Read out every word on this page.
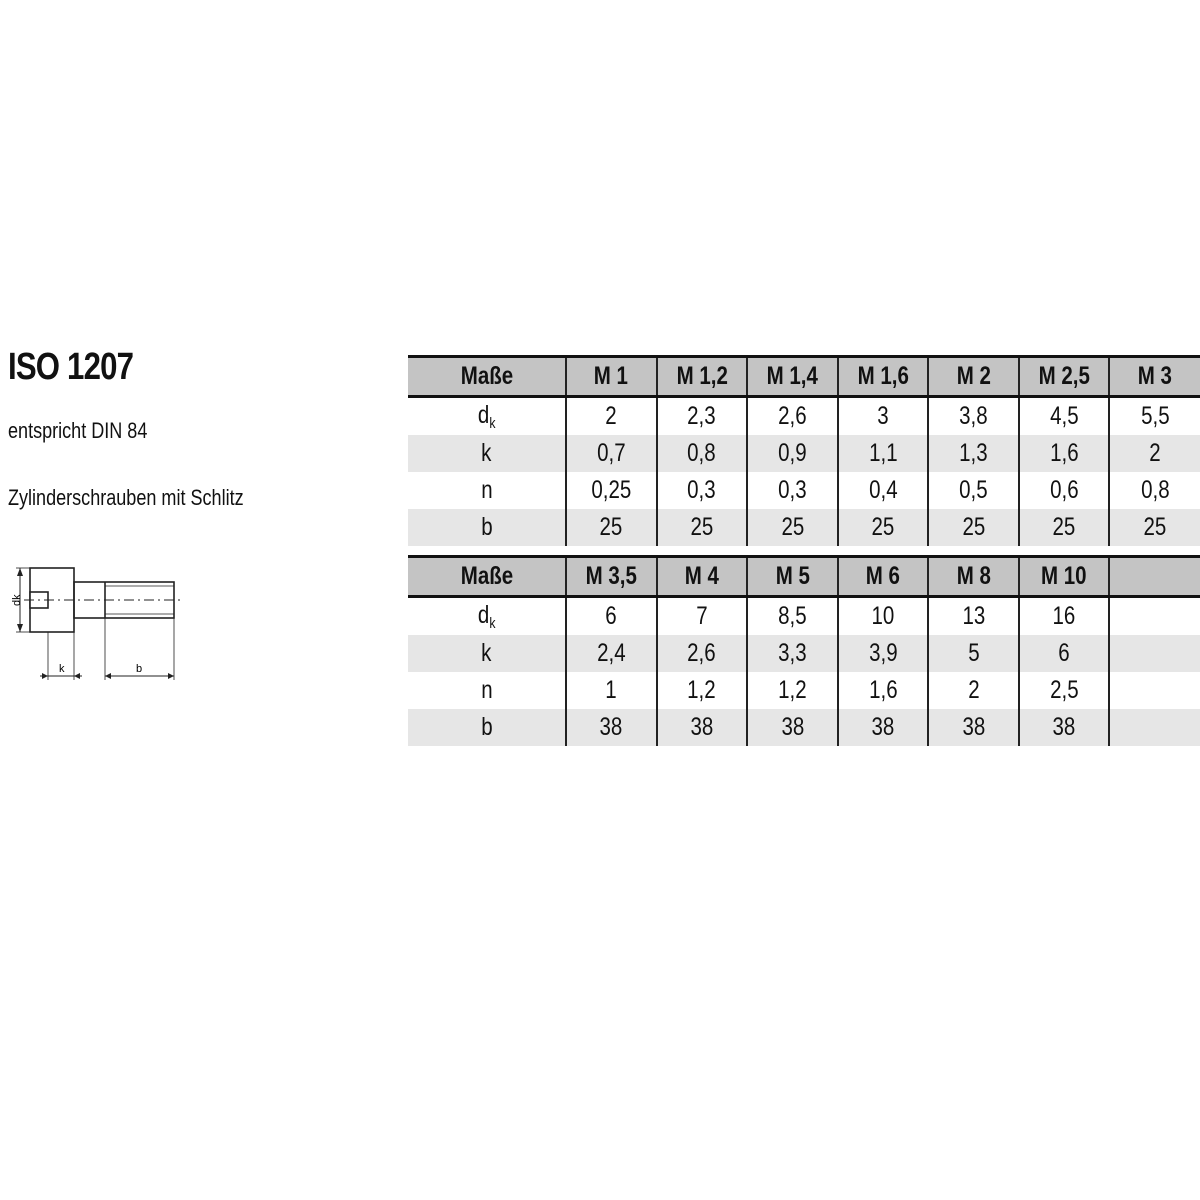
ISO 1207

entspricht DIN 84

Zylinderschrauben mit Schlitz

dk
k	b
Maße	M 1	M 1,2	M 1,4	M 1,6	M 2	M 2,5	M 3
$d_k$	2	2,3	2,6	3	3,8	4,5	5,5
k	0,7	0,8	0,9	1,1	1,3	1,6	2
n	0,25	0,3	0,3	0,4	0,5	0,6	0,8
b	25	25	25	25	25	25	25
Maße	M 3,5	M 4	M 5	M 6	M 8	M 10	
$d_k$	6	7	8,5	10	13	16	
k	2,4	2,6	3,3	3,9	5	6	
n	1	1,2	1,2	1,6	2	2,5	
b	38	38	38	38	38	38	
